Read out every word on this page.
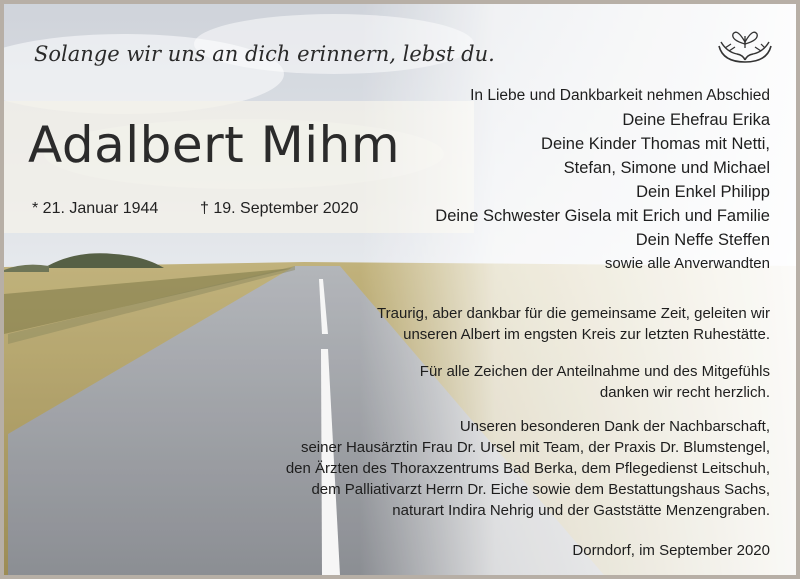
Solange wir uns an dich erinnern, lebst du.

Adalbert Mihm
* 21. Januar 1944	† 19. September 2020
In Liebe und Dankbarkeit nehmen Abschied
Deine Ehefrau Erika
Deine Kinder Thomas mit Netti,
Stefan, Simone und Michael
Dein Enkel Philipp
Deine Schwester Gisela mit Erich und Familie
Dein Neffe Steffen
sowie alle Anverwandten
Traurig, aber dankbar für die gemeinsame Zeit, geleiten wir
unseren Albert im engsten Kreis zur letzten Ruhestätte.
Für alle Zeichen der Anteilnahme und des Mitgefühls
danken wir recht herzlich.
Unseren besonderen Dank der Nachbarschaft,
seiner Hausärztin Frau Dr. Ursel mit Team, der Praxis Dr. Blumstengel,
den Ärzten des Thoraxzentrums Bad Berka, dem Pflegedienst Leitschuh,
dem Palliativarzt Herrn Dr. Eiche sowie dem Bestattungshaus Sachs,
naturart Indira Nehrig und der Gaststätte Menzengraben.
Dorndorf, im September 2020
